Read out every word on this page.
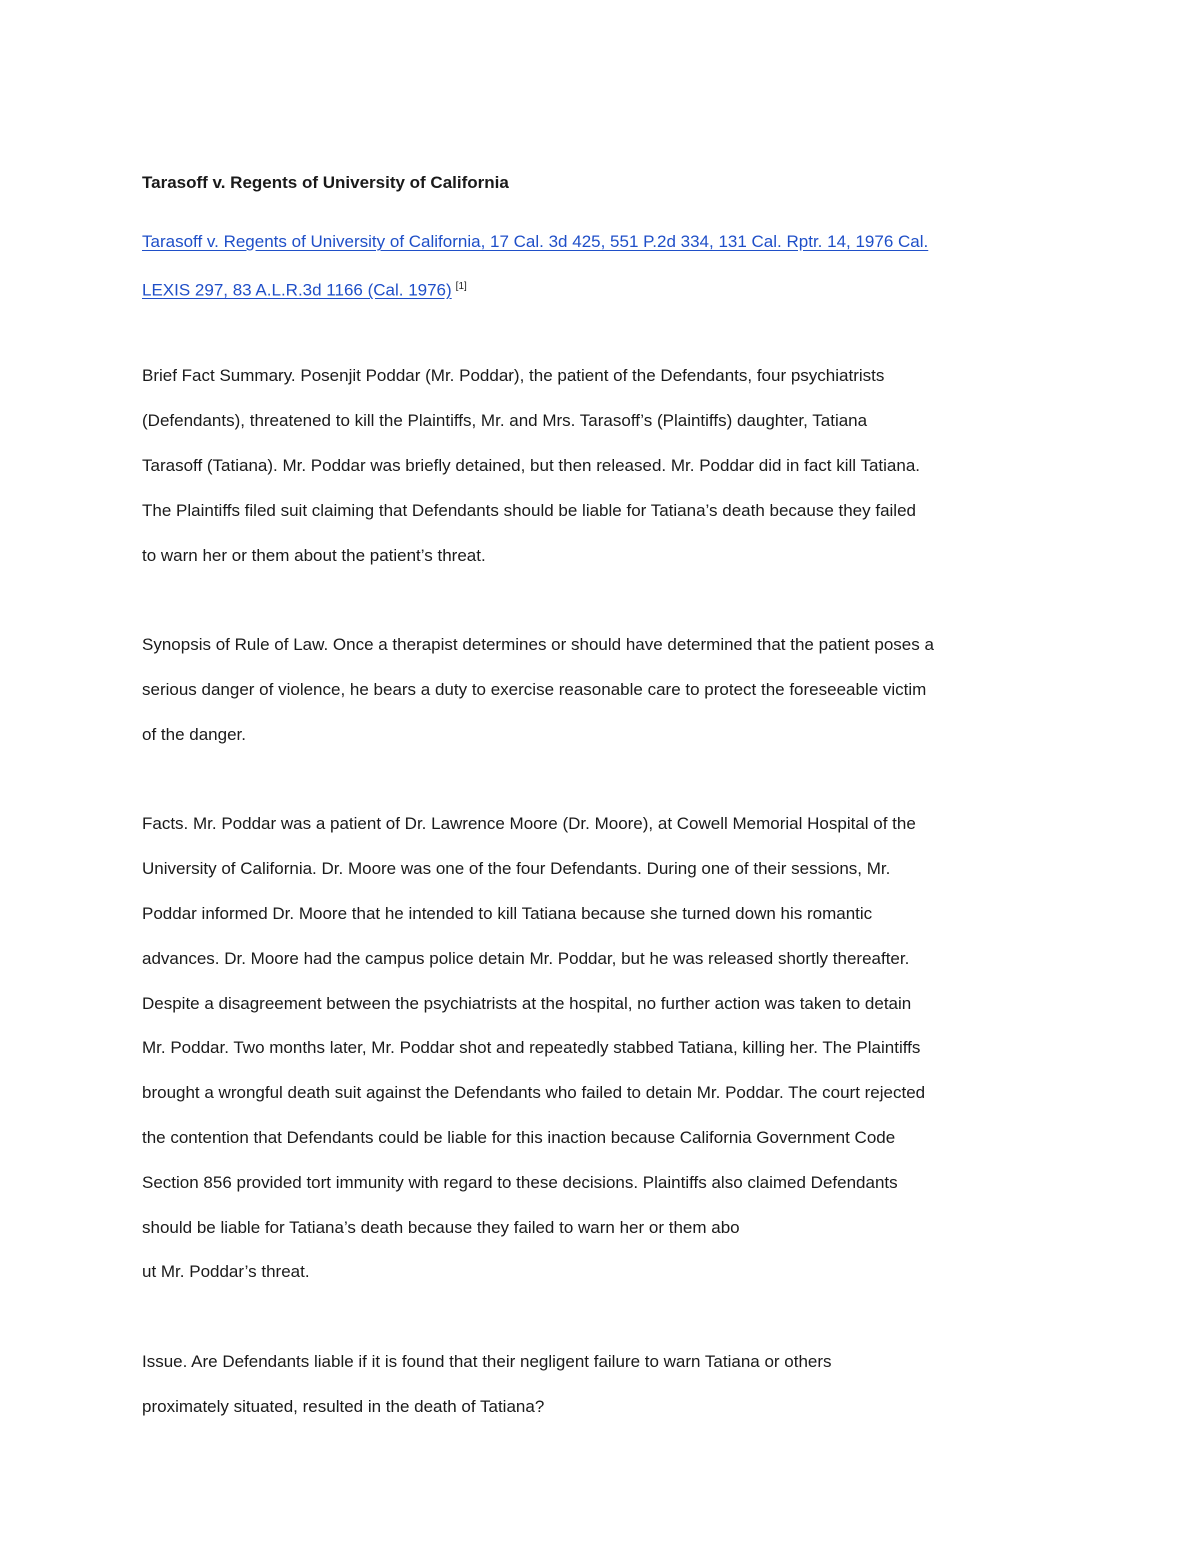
Tarasoff v. Regents of University of California
Tarasoff v. Regents of University of California, 17 Cal. 3d 425, 551 P.2d 334, 131 Cal. Rptr. 14, 1976 Cal.
LEXIS 297, 83 A.L.R.3d 1166 (Cal. 1976) [1]
Brief Fact Summary. Posenjit Poddar (Mr. Poddar), the patient of the Defendants, four psychiatrists
(Defendants), threatened to kill the Plaintiffs, Mr. and Mrs. Tarasoff’s (Plaintiffs) daughter, Tatiana
Tarasoff (Tatiana). Mr. Poddar was briefly detained, but then released. Mr. Poddar did in fact kill Tatiana.
The Plaintiffs filed suit claiming that Defendants should be liable for Tatiana’s death because they failed
to warn her or them about the patient’s threat.
Synopsis of Rule of Law. Once a therapist determines or should have determined that the patient poses a
serious danger of violence, he bears a duty to exercise reasonable care to protect the foreseeable victim
of the danger.
Facts. Mr. Poddar was a patient of Dr. Lawrence Moore (Dr. Moore), at Cowell Memorial Hospital of the
University of California. Dr. Moore was one of the four Defendants. During one of their sessions, Mr.
Poddar informed Dr. Moore that he intended to kill Tatiana because she turned down his romantic
advances. Dr. Moore had the campus police detain Mr. Poddar, but he was released shortly thereafter.
Despite a disagreement between the psychiatrists at the hospital, no further action was taken to detain
Mr. Poddar. Two months later, Mr. Poddar shot and repeatedly stabbed Tatiana, killing her. The Plaintiffs
brought a wrongful death suit against the Defendants who failed to detain Mr. Poddar. The court rejected
the contention that Defendants could be liable for this inaction because California Government Code
Section 856 provided tort immunity with regard to these decisions. Plaintiffs also claimed Defendants
should be liable for Tatiana’s death because they failed to warn her or them abo
ut Mr. Poddar’s threat.
Issue. Are Defendants liable if it is found that their negligent failure to warn Tatiana or others
proximately situated, resulted in the death of Tatiana?
